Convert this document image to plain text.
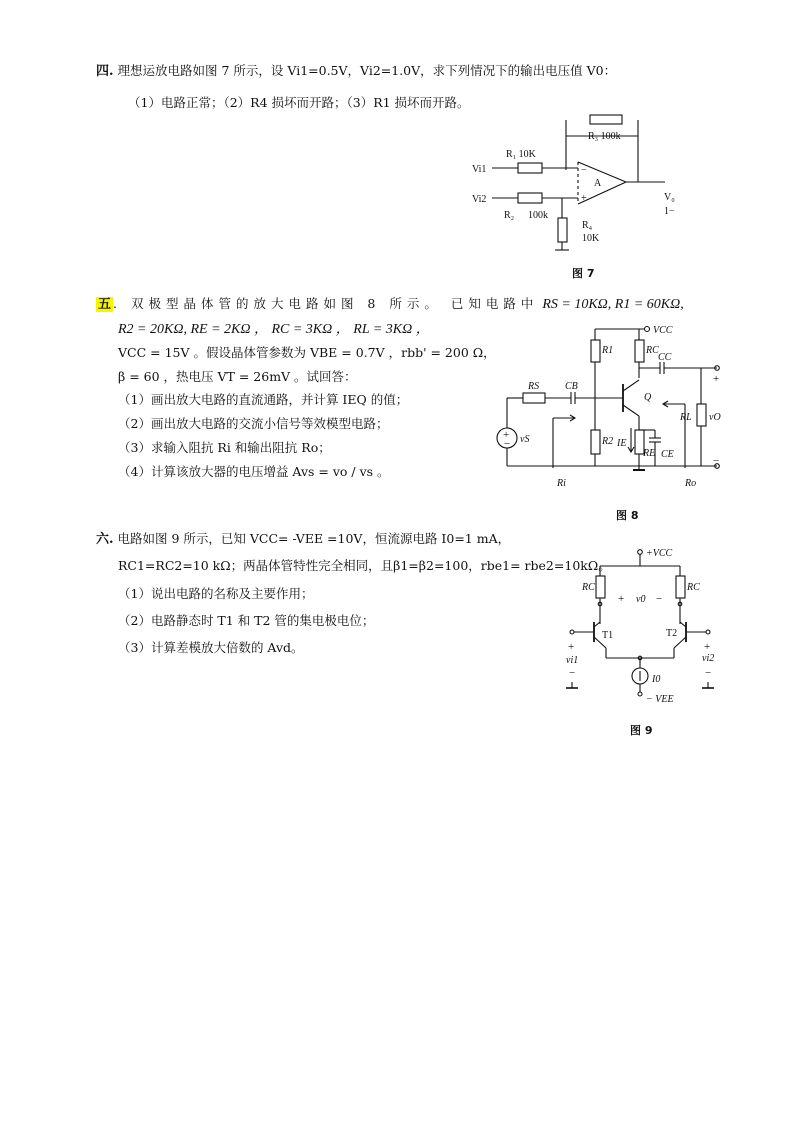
四. 理想运放电路如图 7 所示，设 Vi1=0.5V，Vi2=1.0V，求下列情况下的输出电压值 V0：
（1）电路正常；（2）R4 损坏而开路；（3）R1 损坏而开路。
R₃ 100k
R₁ 10K
Vi1
Vi2
R₂ 100k
R₄
10K
A
−
+	V₀
1−
图 7
五 . 双极型晶体管的放大电路如图 8 所示。 已知电路中 RS = 10KΩ, R1 = 60KΩ,
R2 = 20KΩ, RE = 2KΩ ， RC = 3KΩ ， RL = 3KΩ ，
VCC = 15V 。假设晶体管参数为 VBE = 0.7V ，rbb' = 200 Ω，
β = 60 ，热电压 VT = 26mV 。试回答：
（1）画出放大电路的直流通路，并计算 IEQ 的值；
（2）画出放大电路的交流小信号等效模型电路；
（3）求输入阻抗 Ri 和输出阻抗 Ro；
（4）计算该放大器的电压增益 Avs = vo / vs 。
VCC
R1	RC
CC
RS	CB
Q
RL vO
vS	R2 IE
RE CE
Ri	Ro
+
−
+
−
图 8
六. 电路如图 9 所示，已知 VCC= -VEE =10V，恒流源电路 I0=1 mA，
RC1=RC2=10 kΩ；两晶体管特性完全相同，且β1=β2=100，rbe1= rbe2=10kΩ。
（1）说出电路的名称及主要作用；
（2）电路静态时 T1 和 T2 管的集电极电位；
（3）计算差模放大倍数的 Avd。
+VCC
RC	RC
v0
T1	T2
vi1	vi2
I0
− VEE
+	−
+
−
+
−
图 9
